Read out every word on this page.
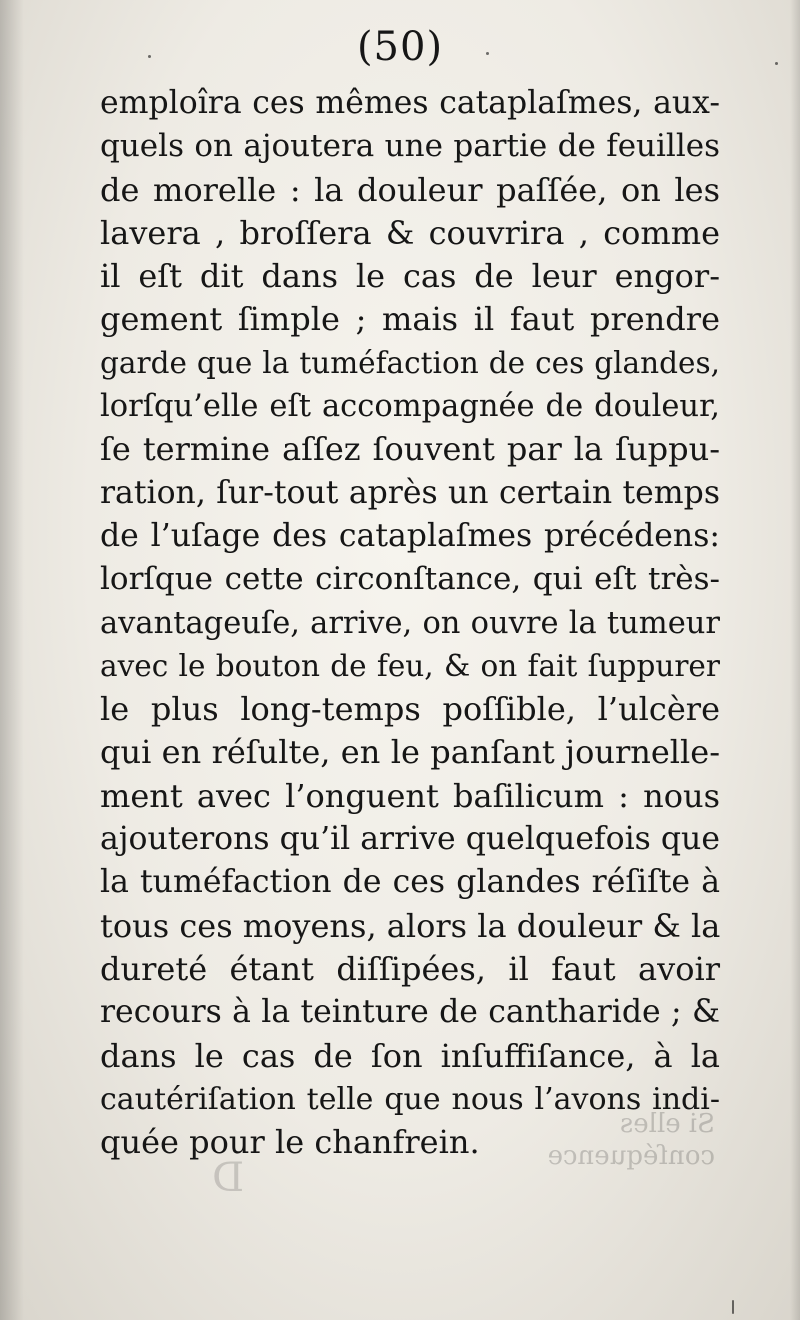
(50)
emploîra ces mêmes cataplaſmes, aux-
quels on ajoutera une partie de feuilles
de morelle : la douleur paſſée, on les
lavera , broſſera & couvrira , comme
il eſt dit dans le cas de leur engor-
gement ſimple ; mais il faut prendre
garde que la tuméfaction de ces glandes,
lorſqu’elle eſt accompagnée de douleur,
ſe termine aſſez ſouvent par la ſuppu-
ration, ſur-tout après un certain temps
de l’uſage des cataplaſmes précédens:
lorſque cette circonſtance, qui eſt très-
avantageuſe, arrive, on ouvre la tumeur
avec le bouton de feu, & on fait ſuppurer
le plus long-temps poſſible, l’ulcère
qui en réſulte, en le panſant journelle-
ment avec l’onguent baſilicum : nous
ajouterons qu’il arrive quelquefois que
la tuméfaction de ces glandes réſiſte à
tous ces moyens, alors la douleur & la
dureté étant diſſipées, il faut avoir
recours à la teinture de cantharide ; &
dans le cas de ſon inſuffiſance, à la
cautériſation telle que nous l’avons indi-
quée pour le chanfrein.	Si elles
conſéquence
D
